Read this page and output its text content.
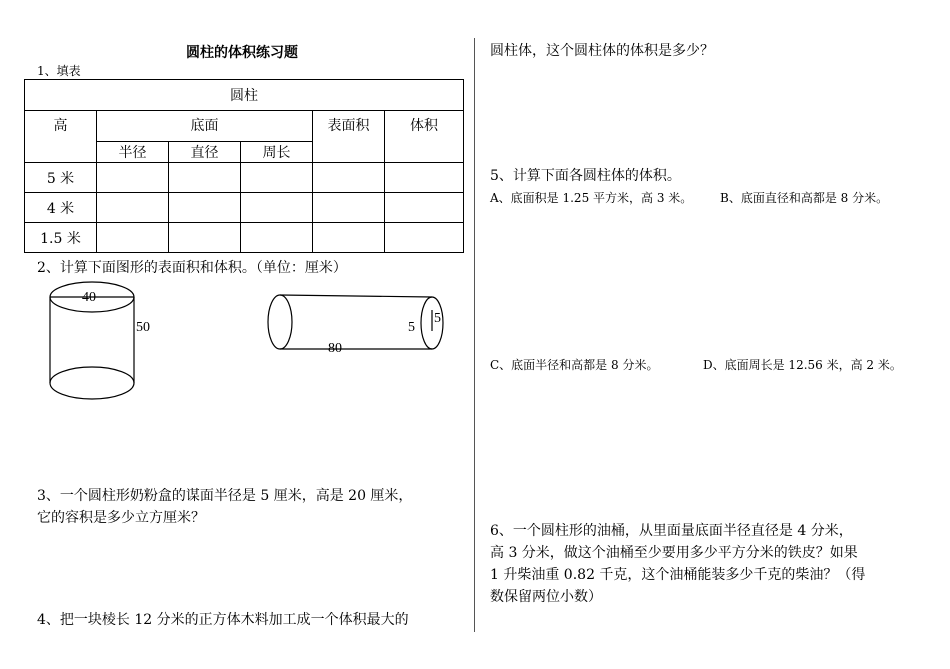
圆柱的体积练习题
1、填表
圆柱					
高	底面			表面积	体积
	半径	直径	周长		
5 米					
4 米					
1.5 米					
2、计算下面图形的表面积和体积。（单位：厘米）
40
50
5
5
80
3、一个圆柱形奶粉盒的谋面半径是 5 厘米，高是 20 厘米，
它的容积是多少立方厘米？
4、把一块棱长 12 分米的正方体木料加工成一个体积最大的
圆柱体，这个圆柱体的体积是多少？
5、计算下面各圆柱体的体积。
A、底面积是 1.25 平方米，高 3 米。 B、底面直径和高都是 8 分米。
C、底面半径和高都是 8 分米。	D、底面周长是 12.56 米，高 2 米。
6、一个圆柱形的油桶，从里面量底面半径直径是 4 分米，
高 3 分米，做这个油桶至少要用多少平方分米的铁皮？如果
1 升柴油重 0.82 千克，这个油桶能装多少千克的柴油？（得
数保留两位小数）
